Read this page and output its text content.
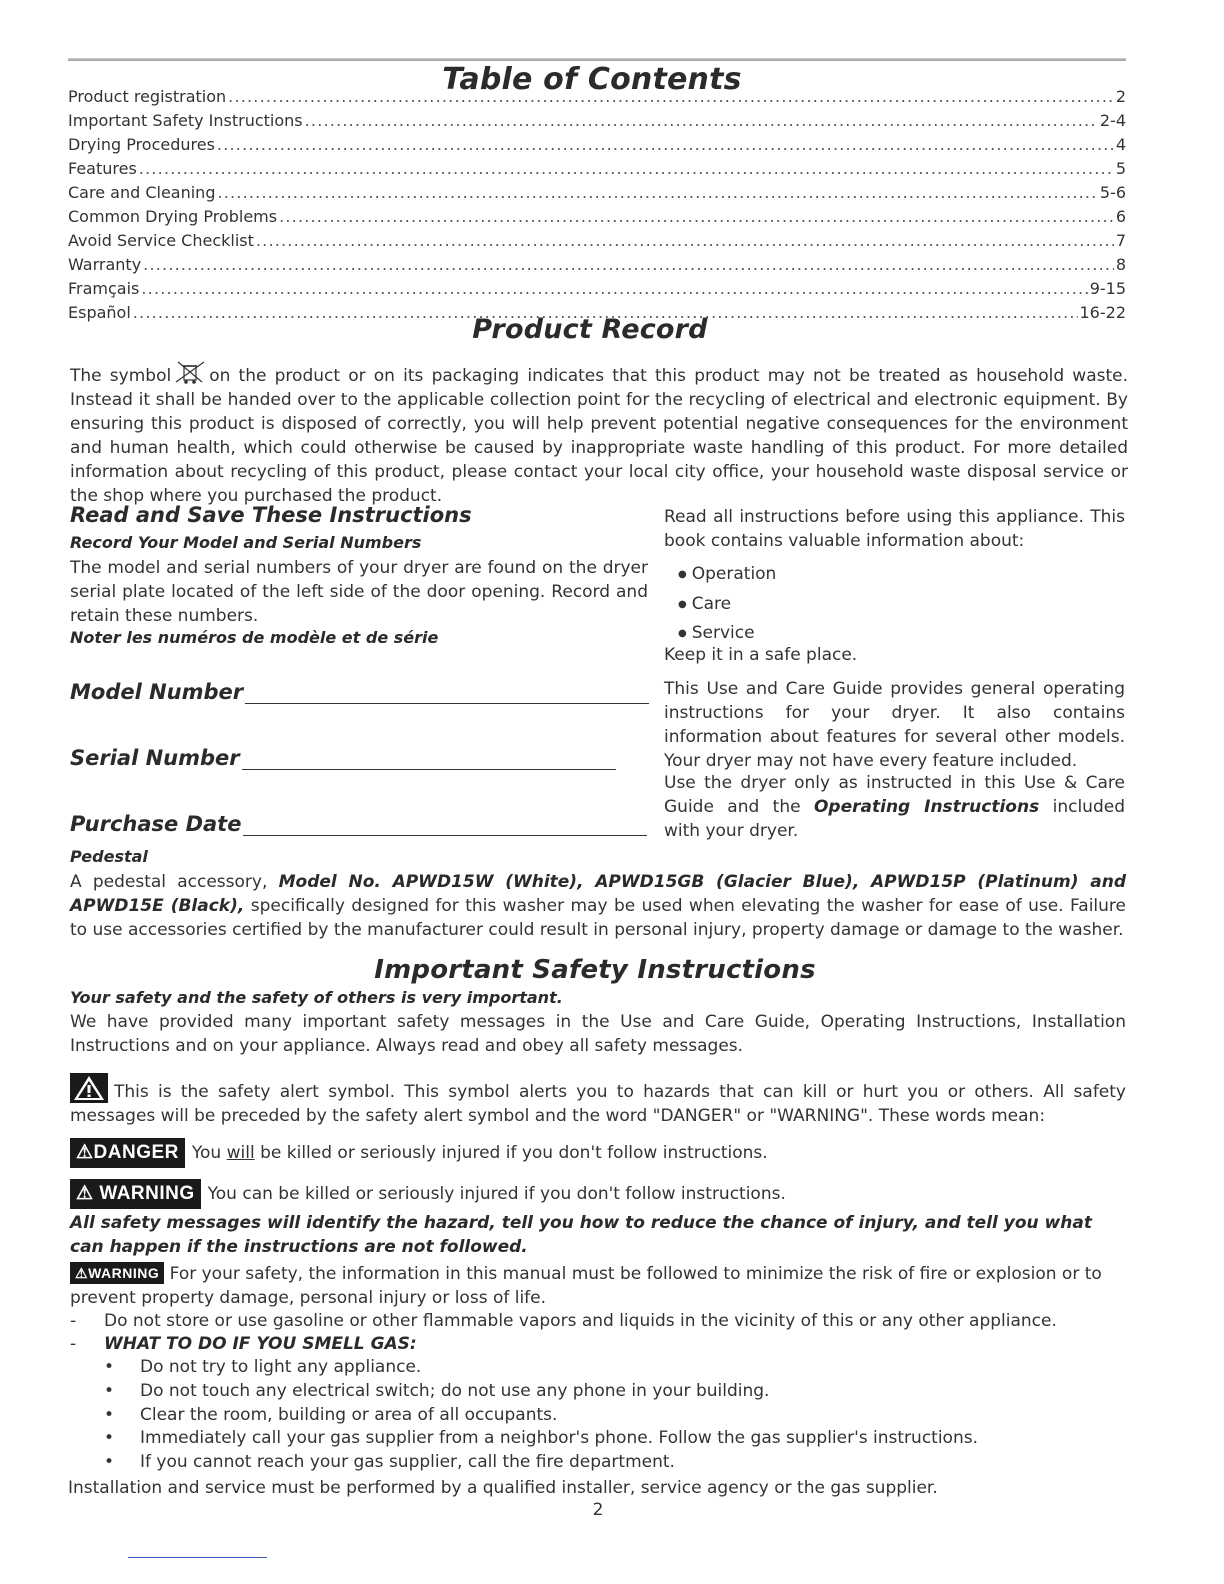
Table of Contents
Product registration .....	2
Important Safety Instructions .....	2-4
Drying Procedures .....	4
Features .....	5
Care and Cleaning .....	5-6
Common Drying Problems .....	6
Avoid Service Checklist .....	7
Warranty .....	8
Framçais .....	9-15
Español .....	16-22
Product Record

The symbol on the product or on its packaging indicates that this product may not be treated as household waste. Instead it shall be handed over to the applicable collection point for the recycling of electrical and electronic equipment. By ensuring this product is disposed of correctly, you will help prevent potential negative consequences for the environment and human health, which could otherwise be caused by inappropriate waste handling of this product. For more detailed information about recycling of this product, please contact your local city office, your household waste disposal service or the shop where you purchased the product.

Read and Save These Instructions
Record Your Model and Serial Numbers

The model and serial numbers of your dryer are found on the dryer serial plate located of the left side of the door opening. Record and retain these numbers.

Noter les numéros de modèle et de série
Model Number
Serial Number
Purchase Date

Read all instructions before using this appliance. This book contains valuable information about:

● Operation
● Care
● Service

Keep it in a safe place.

This Use and Care Guide provides general operating instructions for your dryer. It also contains information about features for several other models. Your dryer may not have every feature included.

Use the dryer only as instructed in this Use & Care Guide and the Operating Instructions included with your dryer.

Pedestal

A pedestal accessory, Model No. APWD15W (White), APWD15GB (Glacier Blue), APWD15P (Platinum) and APWD15E (Black), specifically designed for this washer may be used when elevating the washer for ease of use. Failure to use accessories certified by the manufacturer could result in personal injury, property damage or damage to the washer.

Important Safety Instructions
Your safety and the safety of others is very important.

We have provided many important safety messages in the Use and Care Guide, Operating Instructions, Installation Instructions and on your appliance. Always read and obey all safety messages.

This is the safety alert symbol. This symbol alerts you to hazards that can kill or hurt you or others. All safety messages will be preceded by the safety alert symbol and the word "DANGER" or "WARNING". These words mean:

⚠DANGER You will be killed or seriously injured if you don't follow instructions.
⚠ WARNING You can be killed or seriously injured if you don't follow instructions.

All safety messages will identify the hazard, tell you how to reduce the chance of injury, and tell you what can happen if the instructions are not followed.

⚠WARNING For your safety, the information in this manual must be followed to minimize the risk of fire or explosion or to prevent property damage, personal injury or loss of life.

-	Do not store or use gasoline or other flammable vapors and liquids in the vicinity of this or any other appliance.
-	WHAT TO DO IF YOU SMELL GAS:
•	Do not try to light any appliance.
•	Do not touch any electrical switch; do not use any phone in your building.
•	Clear the room, building or area of all occupants.
•	Immediately call your gas supplier from a neighbor's phone. Follow the gas supplier's instructions.
•	If you cannot reach your gas supplier, call the fire department.

Installation and service must be performed by a qualified installer, service agency or the gas supplier.

2
